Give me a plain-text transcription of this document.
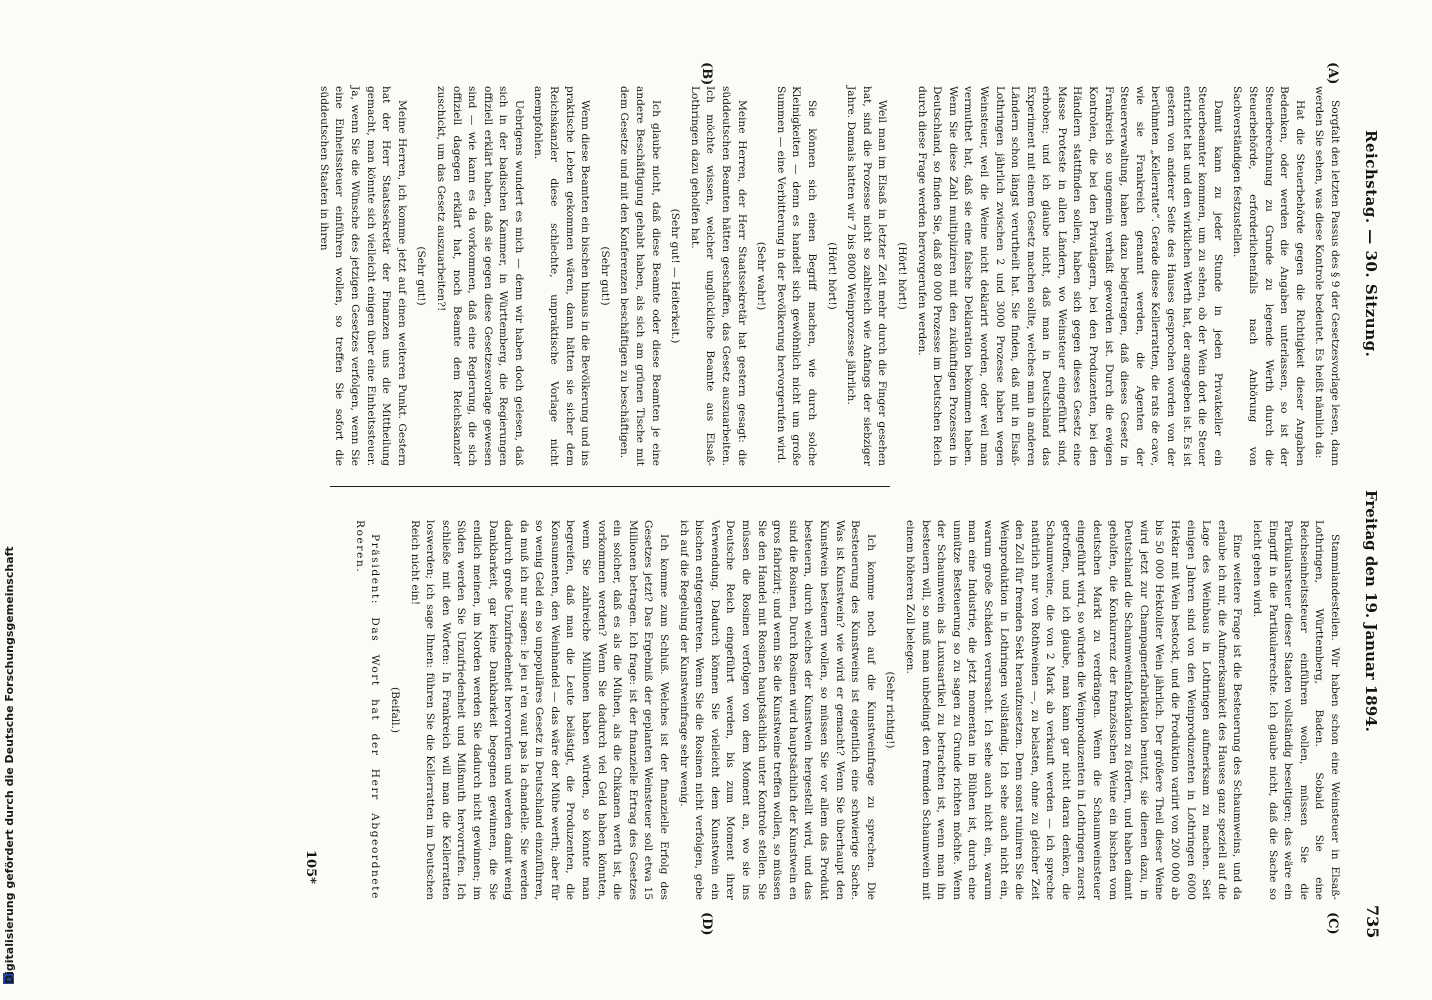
Reichstag. — 30. Sitzung.
Freitag den 19. Januar 1894.
735
(A)
(B)
(C)
(D)

Sorgfalt den letzten Passus des § 9 der Gesetzesvorlage lesen, dann werden Sie sehen, was diese Kontrole bedeutet. Es heißt nämlich da:

Hat die Steuerbehörde gegen die Richtigkeit dieser Angaben Bedenken, oder werden die Angaben unterlassen, so ist der Steuerberechnung zu Grunde zu legende Werth durch die Steuerbehörde, erforderlichenfalls nach Anhörung von Sachverständigen festzustellen.

Damit kann zu jeder Stunde in jeden Privatkeller ein Steuerbeamter kommen, um zu sehen, ob der Wein dort die Steuer entrichtet hat und den wirklichen Werth hat, der angegeben ist. Es ist gestern von anderer Seite des Hauses gesprochen worden von der berühmten „Kellerratte“. Gerade diese Kellerratten, die rats de cave, wie sie Frankreich genannt werden, die Agenten der Steuerverwaltung, haben dazu beigetragen, daß dieses Gesetz in Frankreich so ungemein verhaßt geworden ist. Durch die ewigen Kontrolen, die bei den Privatlagern, bei den Produzenten, bei den Händlern stattfinden sollen, haben sich gegen dieses Gesetz eine Masse Proteste in allen Ländern, wo Weinsteuer eingeführt sind, erhoben; und ich glaube nicht, daß man in Deutschland das Experiment mit einem Gesetz machen sollte, welches man in anderen Ländern schon längst verurtheilt hat. Sie finden, daß mit in Elsaß-Lothringen jährlich zwischen 2 und 3000 Prozesse haben wegen Weinsteuer, weil die Weine nicht deklarirt worden, oder weil man vermuthet hat, daß sie eine falsche Deklaration bekommen haben. Wenn Sie diese Zahl multipliziren mit den zukünftigen Prozessen in Deutschland, so finden Sie, daß 80 000 Prozesse im Deutschen Reich durch diese Frage werden hervorgerufen werden.

(Hört! hört!)

Weil man im Elsaß in letzter Zeit mehr durch die Finger gesehen hat, sind die Prozesse nicht so zahlreich wie Anfangs der siebziger Jahre. Damals hatten wir 7 bis 8000 Weinprozesse jährlich.

(Hört! hört!)

Sie können sich einen Begriff machen, wie durch solche Kleinigkeiten — denn es handelt sich gewöhnlich nicht um große Summen — eine Verbitterung in der Bevölkerung hervorgerufen wird.

(Sehr wahr!)

Meine Herren, der Herr Staatssekretär hat gestern gesagt: die süddeutschen Beamten hätten geschaffen, das Gesetz auszuarbeiten. Ich möchte wissen, welcher unglückliche Beamte aus Elsaß-Lothringen dazu geholfen hat.

(Sehr gut! — Heiterkeit.)

Ich glaube nicht, daß diese Beamte oder diese Beamten je eine andere Beschäftigung gehabt haben, als sich am grünen Tische mit dem Gesetze und mit den Konferenzen beschäftigen zu beschäftigen.

(Sehr gut!)

Wenn diese Beamten ein bischen hinaus in die Bevölkerung und ins praktische Leben gekommen wären, dann hätten sie sicher dem Reichskanzler diese schlechte, unpraktische Vorlage nicht anempfohlen.

Uebrigens wundert es mich — denn wir haben doch gelesen, daß sich in der badischen Kammer, in Württemberg, die Regierungen offiziell erklärt haben, daß sie gegen diese Gesetzesvorlage gewesen sind — wie kann es da vorkommen, daß eine Regierung, die sich offiziell dagegen erklärt hat, noch Beamte dem Reichskanzler zuschickt, um das Gesetz auszuarbeiten?!

(Sehr gut!)

Meine Herren, ich komme jetzt auf einen weiteren Punkt. Gestern hat der Herr Staatssekretär der Finanzen uns die Mittheilung gemacht, man könnte sich vielleicht einigen über eine Einheitssteuer. Ja, wenn Sie die Wünsche des jetzigen Gesetzes verfolgen, wenn Sie eine Einheitssteuer einführen wollen, so treffen Sie sofort die süddeutschen Staaten in ihren

Stammlandesteilen. Wir haben schon eine Weinsteuer in Elsaß-Lothringen, Württemberg, Baden. Sobald Sie eine Reichseinheitssteuer einführen wollen, müssen Sie die Partikularsteuer dieser Staaten vollständig beseitigen; das wäre ein Eingriff in die Partikularrechte. Ich glaube nicht, daß die Sache so leicht gehen wird.

Eine weitere Frage ist die Besteuerung des Schaumweins, und da erlaube ich mir, die Aufmerksamkeit des Hauses ganz speziell auf die Lage des Weinbaus in Lothringen aufmerksam zu machen. Seit einigen Jahren sind von den Weinproduzenten in Lothringen 6000 Hektar mit Wein bestockt, und die Produktion variirt von 200 000 ab bis 50 000 Hektoliter Wein jährlich. Der größere Theil dieser Weine wird jetzt zur Champagnerfabrikation benutzt, sie dienen dazu, in Deutschland die Schaumweinfabrikation zu fördern, und haben damit geholfen, die Konkurrenz der französischen Weine ein bischen vom deutschen Markt zu verdrängen. Wenn die Schaumweinsteuer eingeführt wird, so würden die Weinproduzenten in Lothringen zuerst getroffen, und ich glaube, man kann gar nicht daran denken, die Schaumweine, die von 2 Mark ab verkauft werden — ich spreche natürlich nur von Rothweinen —, zu belasten, ohne zu gleicher Zeit den Zoll für fremden Sekt heraufzusetzen. Denn sonst ruiniren Sie die Weinproduktion in Lothringen vollständig. Ich sehe auch nicht ein, warum große Schäden verursacht. Ich sehe auch nicht ein, warum man eine Industrie, die jetzt momentan im Blühen ist, durch eine unnütze Besteuerung so zu sagen zu Grunde richten möchte. Wenn der Schaumwein als Luxusartikel zu betrachten ist, wenn man ihn besteuern will, so muß man unbedingt den fremden Schaumwein mit einem höheren Zoll belegen.

(Sehr richtig!)

Ich komme noch auf die Kunstweinfrage zu sprechen. Die Besteuerung des Kunstweins ist eigentlich eine schwierige Sache. Was ist Kunstwein? wie wird er gemacht? Wenn Sie überhaupt den Kunstwein besteuern wollen, so müssen Sie vor allem das Produkt besteuern, durch welches der Kunstwein hergestellt wird, und das sind die Rosinen. Durch Rosinen wird hauptsächlich der Kunstwein en gros fabrizirt; und wenn Sie die Kunstweine treffen wollen, so müssen Sie den Handel mit Rosinen hauptsächlich unter Kontrole stellen. Sie müssen die Rosinen verfolgen von dem Moment an, wo sie ins Deutsche Reich eingeführt werden, bis zum Moment ihrer Verwendung. Dadurch können Sie vielleicht dem Kunstwein ein bischen entgegentreten. Wenn Sie die Rosinen nicht verfolgen, gebe ich auf die Regelung der Kunstweinfrage sehr wenig.

Ich komme zum Schluß. Welches ist der finanzielle Erfolg des Gesetzes jetzt? Das Ergebniß der geplanten Weinsteuer soll etwa 15 Millionen betragen. Ich frage: ist der finanzielle Ertrag des Gesetzes ein solcher, daß es als die Mühen, als die Chikanen werth ist, die vorkommen werden? Wenn Sie dadurch viel Geld haben könnten, wenn Sie zahlreiche Millionen haben würden, so könnte man begreifen, daß man die Leute belästigt, die Produzenten, die Konsumenten, den Weinhandel — das wäre der Mühe werth; aber für so wenig Geld ein so unpopuläres Gesetz in Deutschland einzuführen, da muß ich nur sagen: le jeu n'en vaut pas la chandelle. Sie werden dadurch große Unzufriedenheit hervorrufen und werden damit wenig Dankbarkeit, gar keine Dankbarkeit begegnen gewinnen, die Sie endlich meinen, im Norden werden Sie dadurch nicht gewinnen; im Süden werden Sie Unzufriedenheit und Mißmuth hervorrufen. Ich schließe mit den Worten: In Frankreich will man die Kellerratten loswerden; ich sage Ihnen: führen Sie die Kellerratten im Deutschen Reich nicht ein!

(Beifall.)

Präsident: Das Wort hat der Herr Abgeordnete Roeren.

105*
Digitalisierung gefördert durch die Deutsche Forschungsgemeinschaft
